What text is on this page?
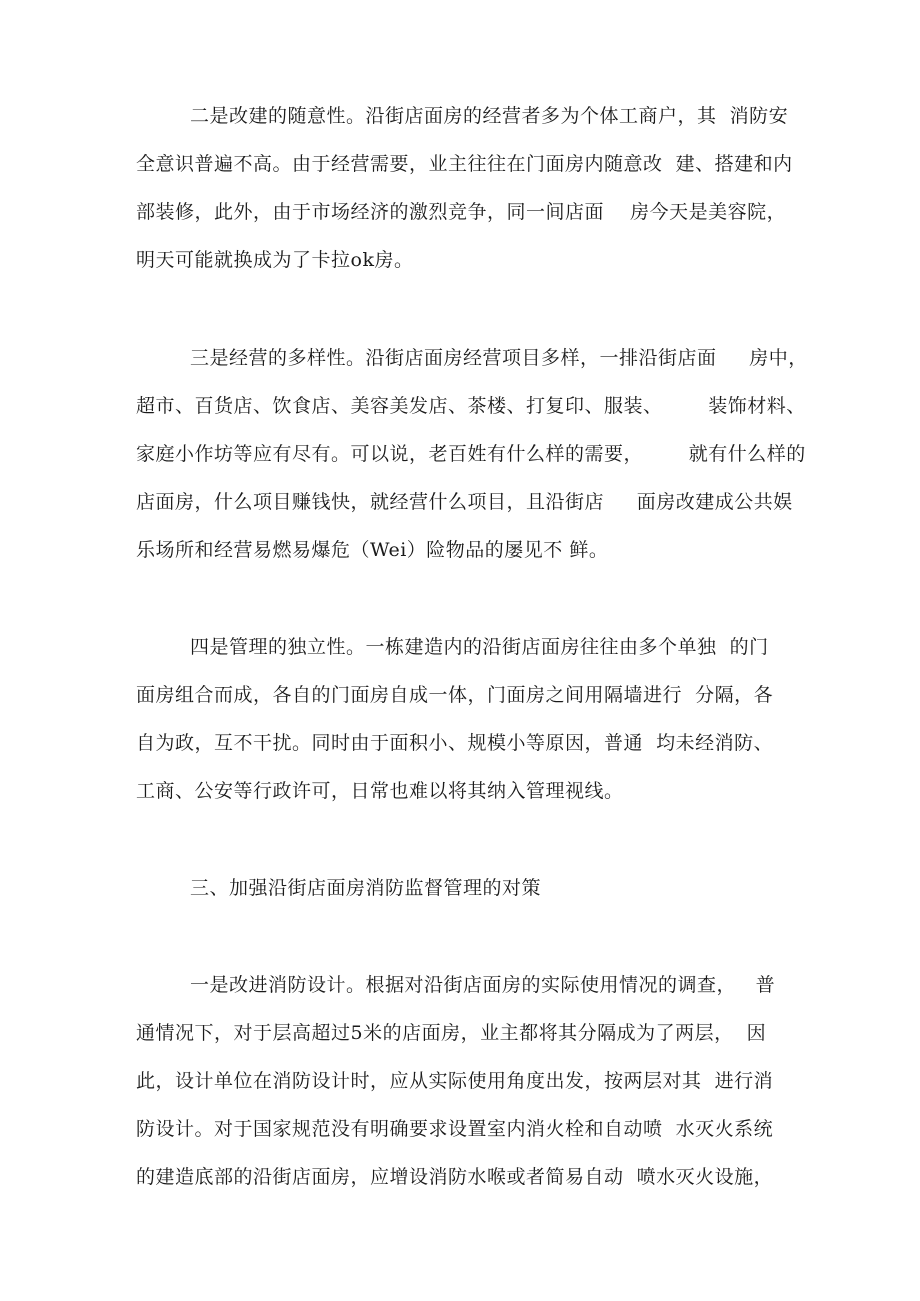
二是改建的随意性。沿街店面房的经营者多为个体工商户，其  消防安
全意识普遍不高。由于经营需要，业主往往在门面房内随意改  建、搭建和内
部装修，此外，由于市场经济的激烈竞争，同一间店面    房今天是美容院，
明天可能就换成为了卡拉ok房。
三是经营的多样性。沿街店面房经营项目多样，一排沿街店面     房中，
超市、百货店、饮食店、美容美发店、茶楼、打复印、服装、       装饰材料、
家庭小作坊等应有尽有。可以说，老百姓有什么样的需要，       就有什么样的
店面房，什么项目赚钱快，就经营什么项目，且沿街店     面房改建成公共娱
乐场所和经营易燃易爆危（Wei）险物品的屡见不 鲜。
四是管理的独立性。一栋建造内的沿街店面房往往由多个单独  的门
面房组合而成，各自的门面房自成一体，门面房之间用隔墙进行  分隔，各
自为政，互不干扰。同时由于面积小、规模小等原因，普通  均未经消防、
工商、公安等行政许可，日常也难以将其纳入管理视线。
三、加强沿街店面房消防监督管理的对策
一是改进消防设计。根据对沿街店面房的实际使用情况的调查，   普
通情况下，对于层高超过5米的店面房，业主都将其分隔成为了两层，  因
此，设计单位在消防设计时，应从实际使用角度出发，按两层对其  进行消
防设计。对于国家规范没有明确要求设置室内消火栓和自动喷  水灭火系统
的建造底部的沿街店面房，应增设消防水喉或者简易自动  喷水灭火设施，
